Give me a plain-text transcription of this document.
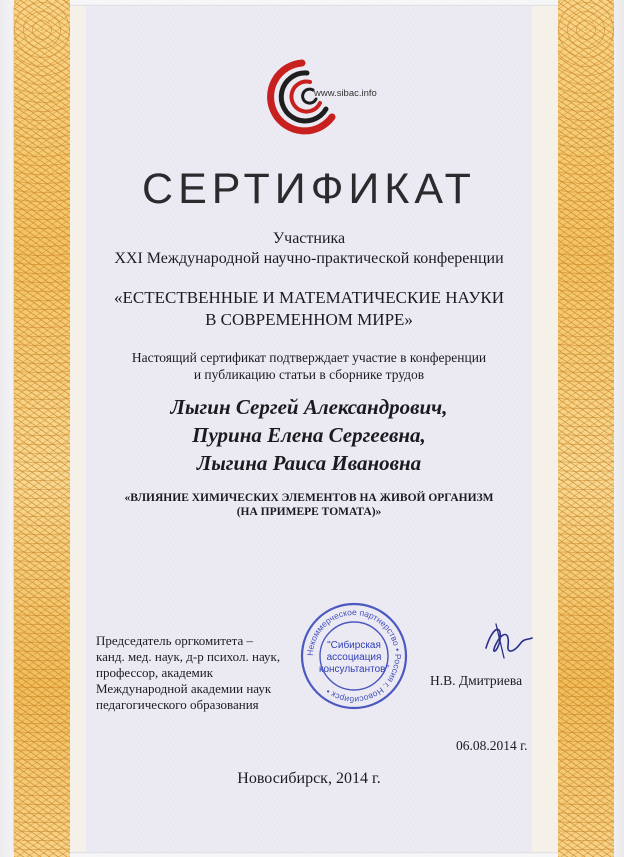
www.sibac.info
СЕРТИФИКАТ
Участника
XXI Международной научно-практической конференции
«ЕСТЕСТВЕННЫЕ И МАТЕМАТИЧЕСКИЕ НАУКИ
В СОВРЕМЕННОМ МИРЕ»
Настоящий сертификат подтверждает участие в конференции
и публикацию статьи в сборнике трудов
Лыгин Сергей Александрович,
Пурина Елена Сергеевна,
Лыгина Раиса Ивановна
«ВЛИЯНИЕ ХИМИЧЕСКИХ ЭЛЕМЕНТОВ НА ЖИВОЙ ОРГАНИЗМ
(НА ПРИМЕРЕ ТОМАТА)»
Председатель оргкомитета –
канд. мед. наук, д-р психол. наук,
профессор, академик
Международной академии наук
педагогического образования
Некоммерческое партнерство • Россия г. Новосибирск •
"Сибирская
ассоциация
консультантов"
Н.В. Дмитриева
06.08.2014 г.
Новосибирск, 2014 г.
